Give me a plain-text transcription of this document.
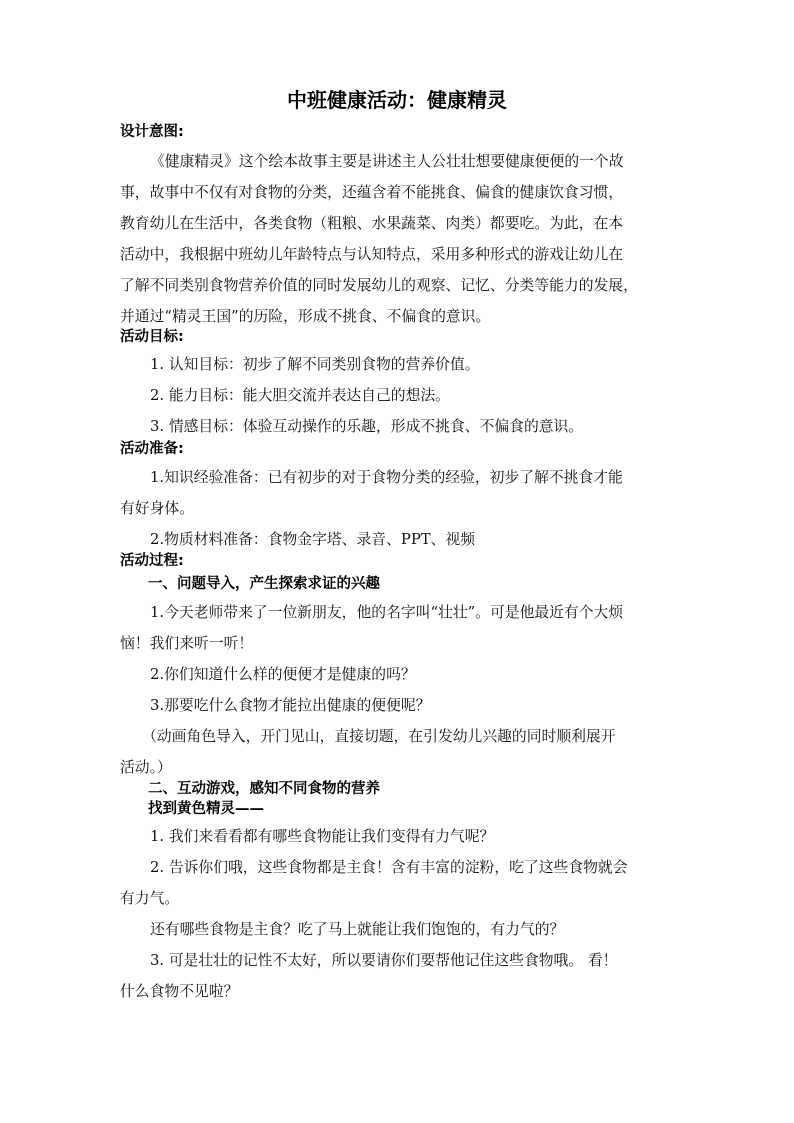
中班健康活动：健康精灵
设计意图:
《健康精灵》这个绘本故事主要是讲述主人公壮壮想要健康便便的一个故
事，故事中不仅有对食物的分类，还蕴含着不能挑食、偏食的健康饮食习惯，
教育幼儿在生活中，各类食物（粗粮、水果蔬菜、肉类）都要吃。为此，在本
活动中，我根据中班幼儿年龄特点与认知特点，采用多种形式的游戏让幼儿在
了解不同类别食物营养价值的同时发展幼儿的观察、记忆、分类等能力的发展，
并通过“精灵王国”的历险，形成不挑食、不偏食的意识。
活动目标:
1. 认知目标：初步了解不同类别食物的营养价值。
2. 能力目标：能大胆交流并表达自己的想法。
3. 情感目标：体验互动操作的乐趣，形成不挑食、不偏食的意识。
活动准备:
1.知识经验准备：已有初步的对于食物分类的经验，初步了解不挑食才能
有好身体。
2.物质材料准备：食物金字塔、录音、PPT、视频
活动过程:
一、问题导入，产生探索求证的兴趣
1.今天老师带来了一位新朋友，他的名字叫“壮壮”。可是他最近有个大烦
恼！我们来听一听！
2.你们知道什么样的便便才是健康的吗？
3.那要吃什么食物才能拉出健康的便便呢？
（动画角色导入，开门见山，直接切题，在引发幼儿兴趣的同时顺利展开
活动。）
二、互动游戏，感知不同食物的营养
找到黄色精灵——
1. 我们来看看都有哪些食物能让我们变得有力气呢？
2. 告诉你们哦，这些食物都是主食！含有丰富的淀粉，吃了这些食物就会
有力气。
还有哪些食物是主食？吃了马上就能让我们饱饱的，有力气的？
3. 可是壮壮的记性不太好，所以要请你们要帮他记住这些食物哦。 看！
什么食物不见啦？
